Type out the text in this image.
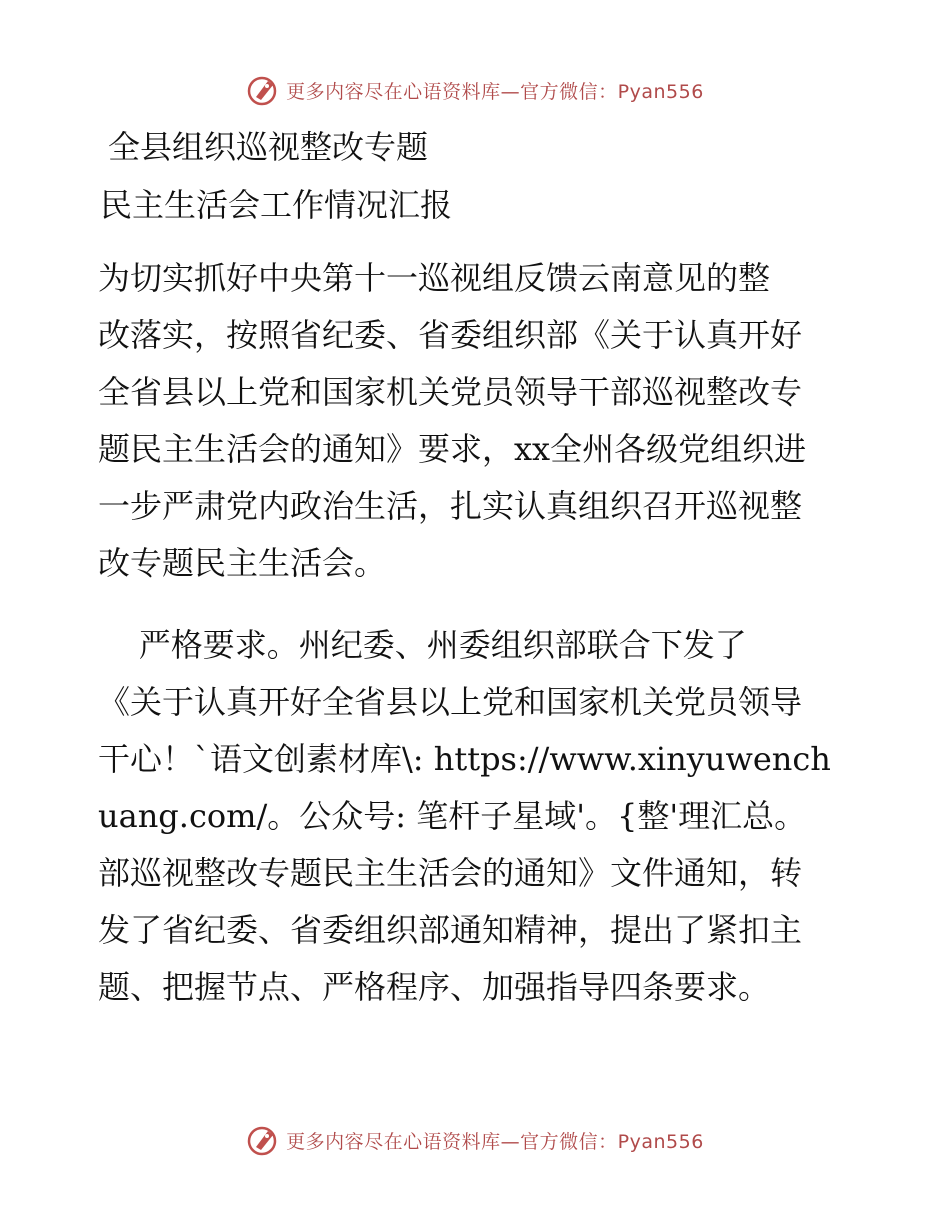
更多内容尽在心语资料库—官方微信：Pyan556
全县组织巡视整改专题
民主生活会工作情况汇报
为切实抓好中央第十一巡视组反馈云南意见的整
改落实，按照省纪委、省委组织部《关于认真开好
全省县以上党和国家机关党员领导干部巡视整改专
题民主生活会的通知》要求，xx全州各级党组织进
一步严肃党内政治生活，扎实认真组织召开巡视整
改专题民主生活会。
严格要求。州纪委、州委组织部联合下发了
《关于认真开好全省县以上党和国家机关党员领导
干心！`语文创素材库\: https://www.xinyuwench
uang.com/。公众号: 笔杆子星域'。{整'理汇总。
部巡视整改专题民主生活会的通知》文件通知，转
发了省纪委、省委组织部通知精神，提出了紧扣主
题、把握节点、严格程序、加强指导四条要求。
更多内容尽在心语资料库—官方微信：Pyan556
